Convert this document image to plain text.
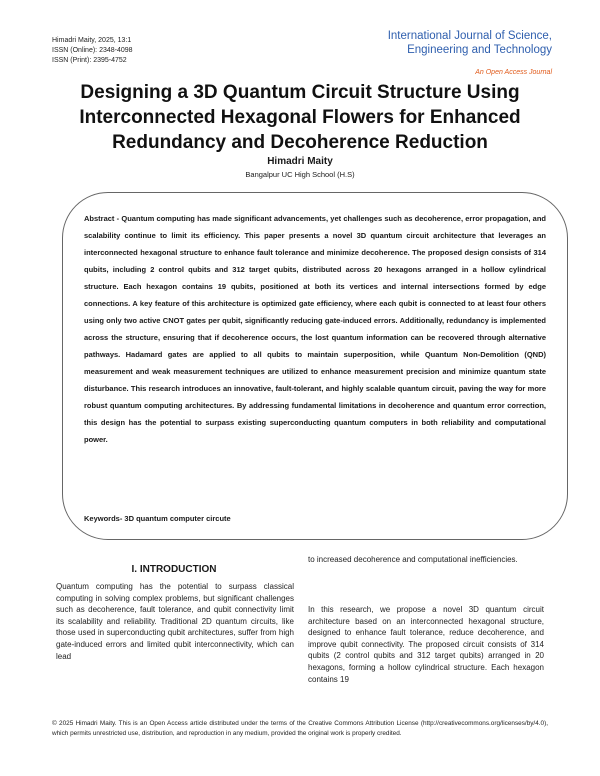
Himadri Maity, 2025, 13:1
ISSN (Online): 2348-4098
ISSN (Print): 2395-4752
International Journal of Science,
Engineering and Technology
An Open Access Journal
Designing a 3D Quantum Circuit Structure Using Interconnected Hexagonal Flowers for Enhanced Redundancy and Decoherence Reduction
Himadri Maity
Bangalpur UC High School (H.S)

Abstract - Quantum computing has made significant advancements, yet challenges such as decoherence, error propagation, and scalability continue to limit its efficiency. This paper presents a novel 3D quantum circuit architecture that leverages an interconnected hexagonal structure to enhance fault tolerance and minimize decoherence. The proposed design consists of 314 qubits, including 2 control qubits and 312 target qubits, distributed across 20 hexagons arranged in a hollow cylindrical structure. Each hexagon contains 19 qubits, positioned at both its vertices and internal intersections formed by edge connections. A key feature of this architecture is optimized gate efficiency, where each qubit is connected to at least four others using only two active CNOT gates per qubit, significantly reducing gate-induced errors. Additionally, redundancy is implemented across the structure, ensuring that if decoherence occurs, the lost quantum information can be recovered through alternative pathways. Hadamard gates are applied to all qubits to maintain superposition, while Quantum Non-Demolition (QND) measurement and weak measurement techniques are utilized to enhance measurement precision and minimize quantum state disturbance. This research introduces an innovative, fault-tolerant, and highly scalable quantum circuit, paving the way for more robust quantum computing architectures. By addressing fundamental limitations in decoherence and quantum error correction, this design has the potential to surpass existing superconducting quantum computers in both reliability and computational power.

Keywords- 3D quantum computer circute
I. INTRODUCTION

Quantum computing has the potential to surpass classical computing in solving complex problems, but significant challenges such as decoherence, fault tolerance, and qubit connectivity limit its scalability and reliability. Traditional 2D quantum circuits, like those used in superconducting qubit architectures, suffer from high gate-induced errors and limited qubit interconnectivity, which can lead

to increased decoherence and computational inefficiencies.

In this research, we propose a novel 3D quantum circuit architecture based on an interconnected hexagonal structure, designed to enhance fault tolerance, reduce decoherence, and improve qubit connectivity. The proposed circuit consists of 314 qubits (2 control qubits and 312 target qubits) arranged in 20 hexagons, forming a hollow cylindrical structure. Each hexagon contains 19

© 2025 Himadri Maity. This is an Open Access article distributed under the terms of the Creative Commons Attribution License (http://creativecommons.org/licenses/by/4.0), which permits unrestricted use, distribution, and reproduction in any medium, provided the original work is properly credited.
